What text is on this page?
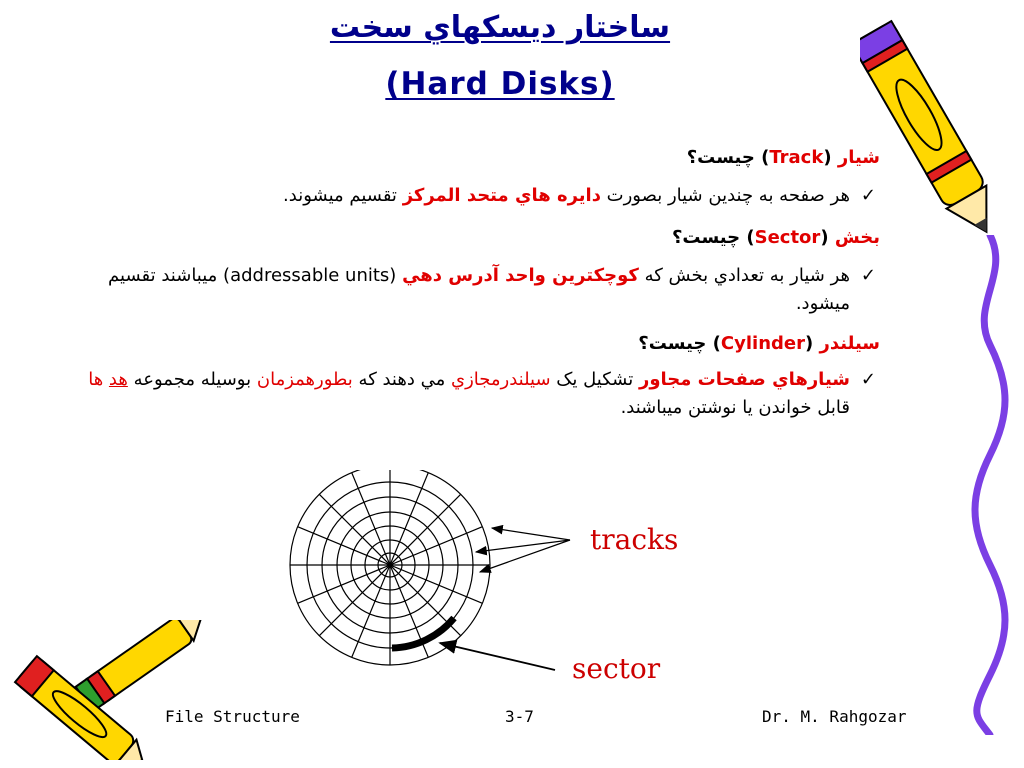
ساختار دیسکهاي سخت
(Hard Disks)
شيار (Track) چيست؟
✓
هر صفحه به چندين شيار بصورت دايره هاي متحد المركز تقسيم ميشوند.
بخش (Sector) چيست؟
✓
هر شيار به تعدادي بخش كه كوچكترين واحد آدرس دهي (addressable units) ميباشند تقسيم ميشود.
سيلندر (Cylinder) چيست؟
✓
شيارهاي صفحات مجاور تشكيل يک سيلندرمجازي مي دهند كه بطورهمزمان بوسيله مجموعه هد ها قابل خواندن يا نوشتن ميباشند.
tracks
sector
File Structure	3-7	Dr. M. Rahgozar
